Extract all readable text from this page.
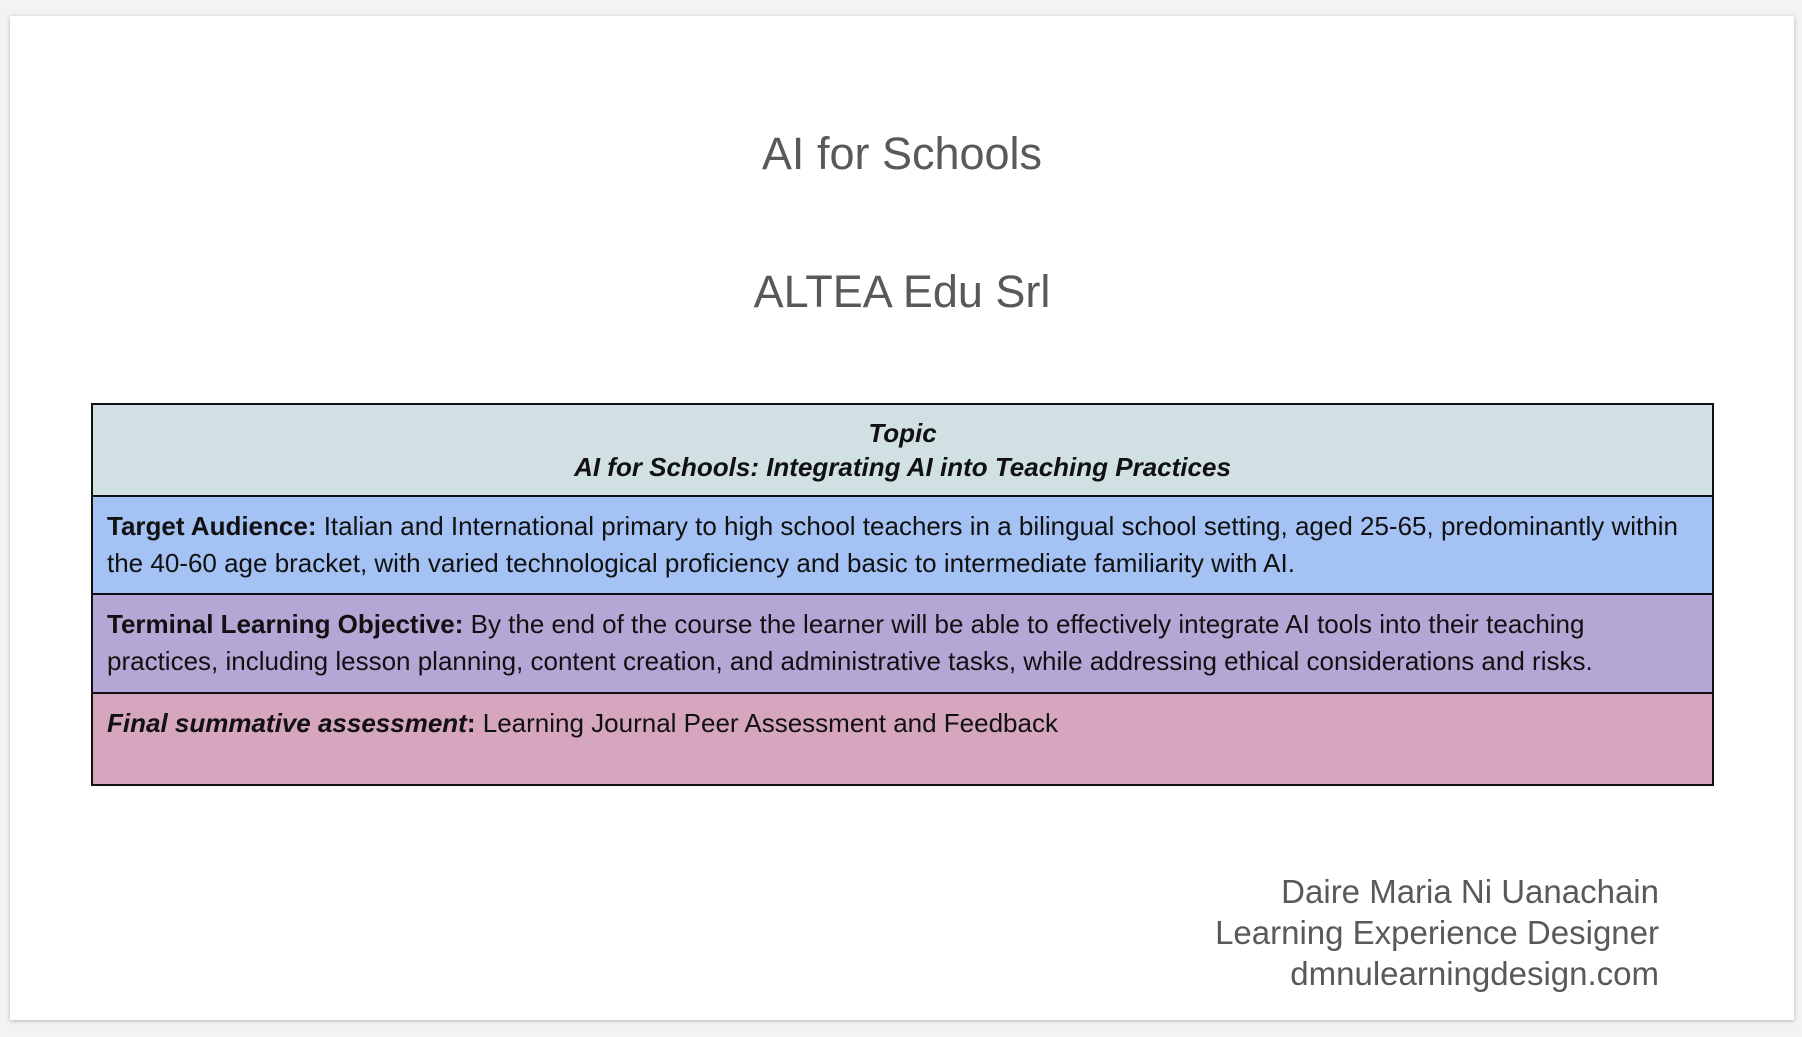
AI for Schools
ALTEA Edu Srl
Topic
AI for Schools: Integrating AI into Teaching Practices
Target Audience: Italian and International primary to high school teachers in a bilingual school setting, aged 25-65, predominantly within the 40-60 age bracket, with varied technological proficiency and basic to intermediate familiarity with AI.
Terminal Learning Objective: By the end of the course the learner will be able to effectively integrate AI tools into their teaching practices, including lesson planning, content creation, and administrative tasks, while addressing ethical considerations and risks.
Final summative assessment: Learning Journal Peer Assessment and Feedback
Daire Maria Ni Uanachain
Learning Experience Designer
dmnulearningdesign.com
